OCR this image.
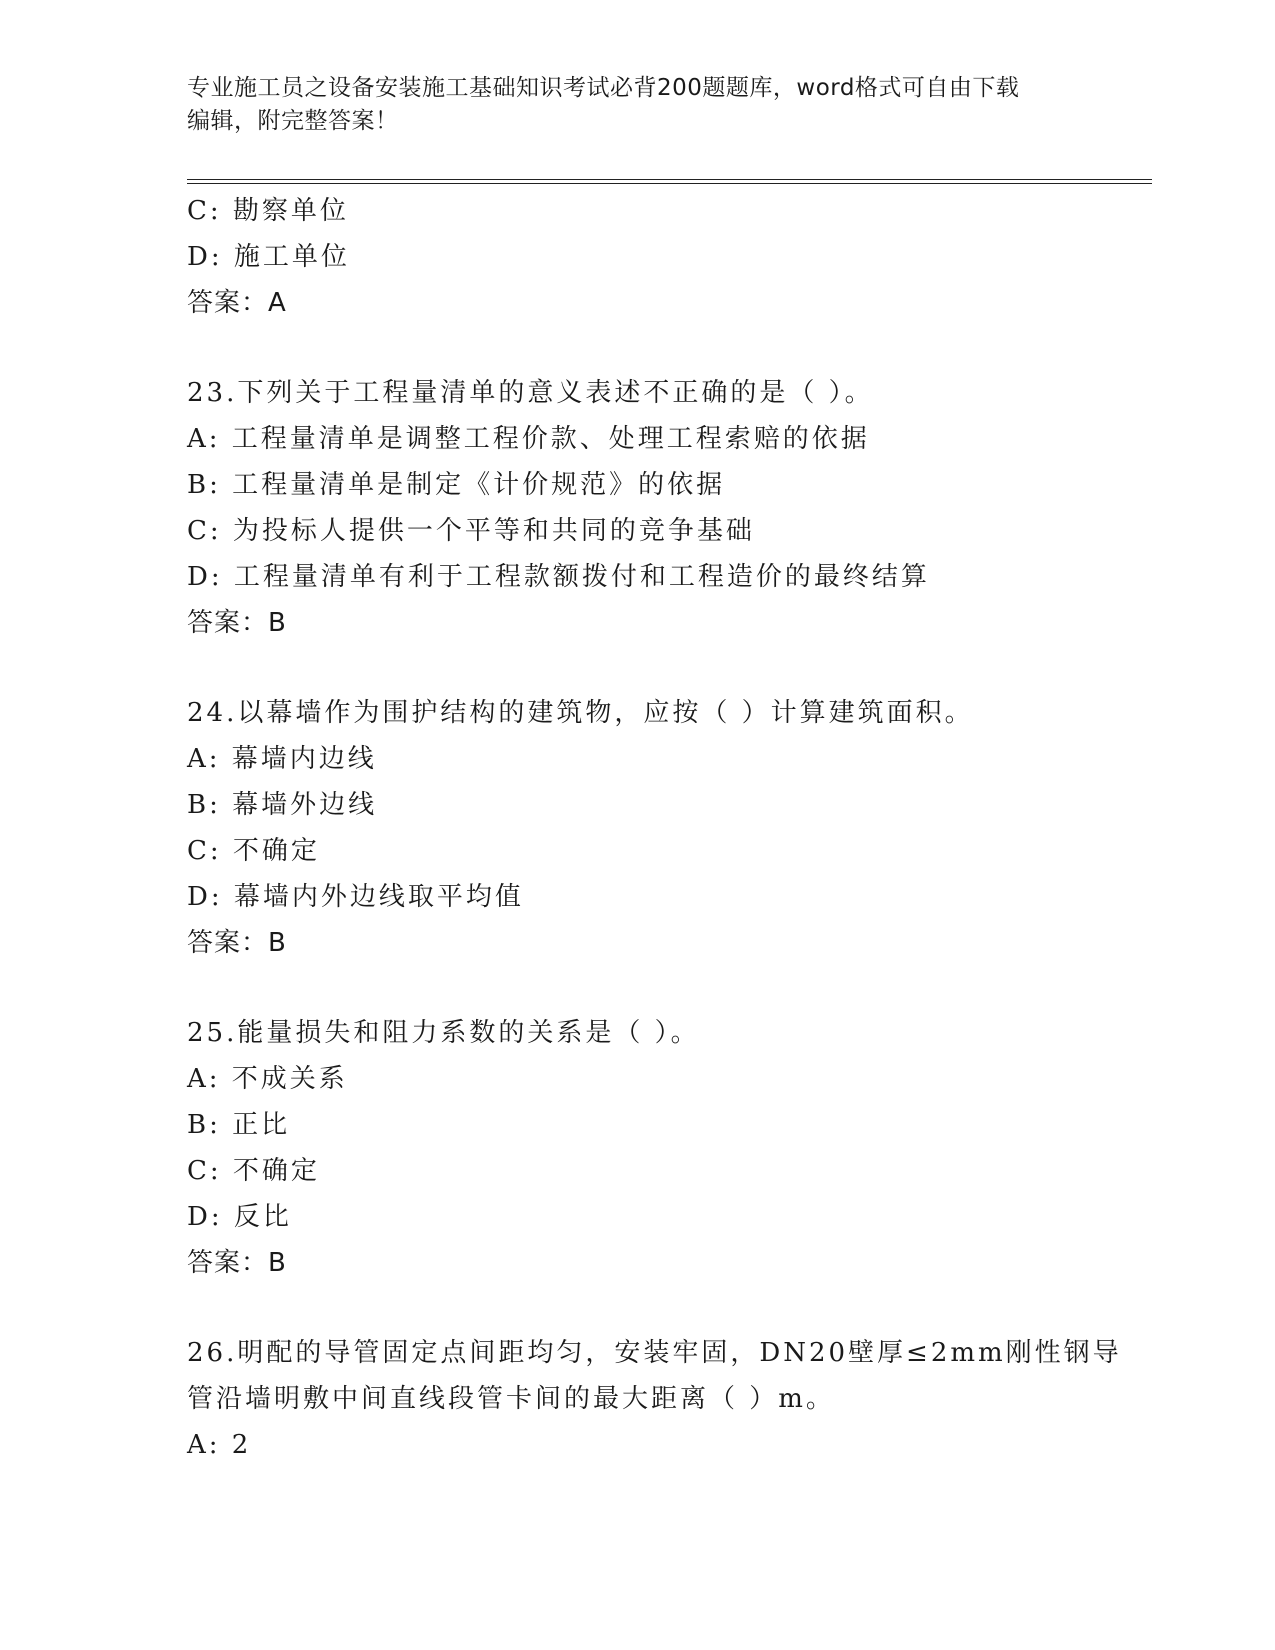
专业施工员之设备安装施工基础知识考试必背200题题库，word格式可自由下载
编辑，附完整答案！
C: 勘察单位
D: 施工单位
答案：A
23.下列关于工程量清单的意义表述不正确的是（ ）。
A: 工程量清单是调整工程价款、处理工程索赔的依据
B: 工程量清单是制定《计价规范》的依据
C: 为投标人提供一个平等和共同的竞争基础
D: 工程量清单有利于工程款额拨付和工程造价的最终结算
答案：B
24.以幕墙作为围护结构的建筑物，应按（ ）计算建筑面积。
A: 幕墙内边线
B: 幕墙外边线
C: 不确定
D: 幕墙内外边线取平均值
答案：B
25.能量损失和阻力系数的关系是（ ）。
A: 不成关系
B: 正比
C: 不确定
D: 反比
答案：B
26.明配的导管固定点间距均匀，安装牢固，DN20壁厚≤2mm刚性钢导
管沿墙明敷中间直线段管卡间的最大距离（ ）m。
A: 2
